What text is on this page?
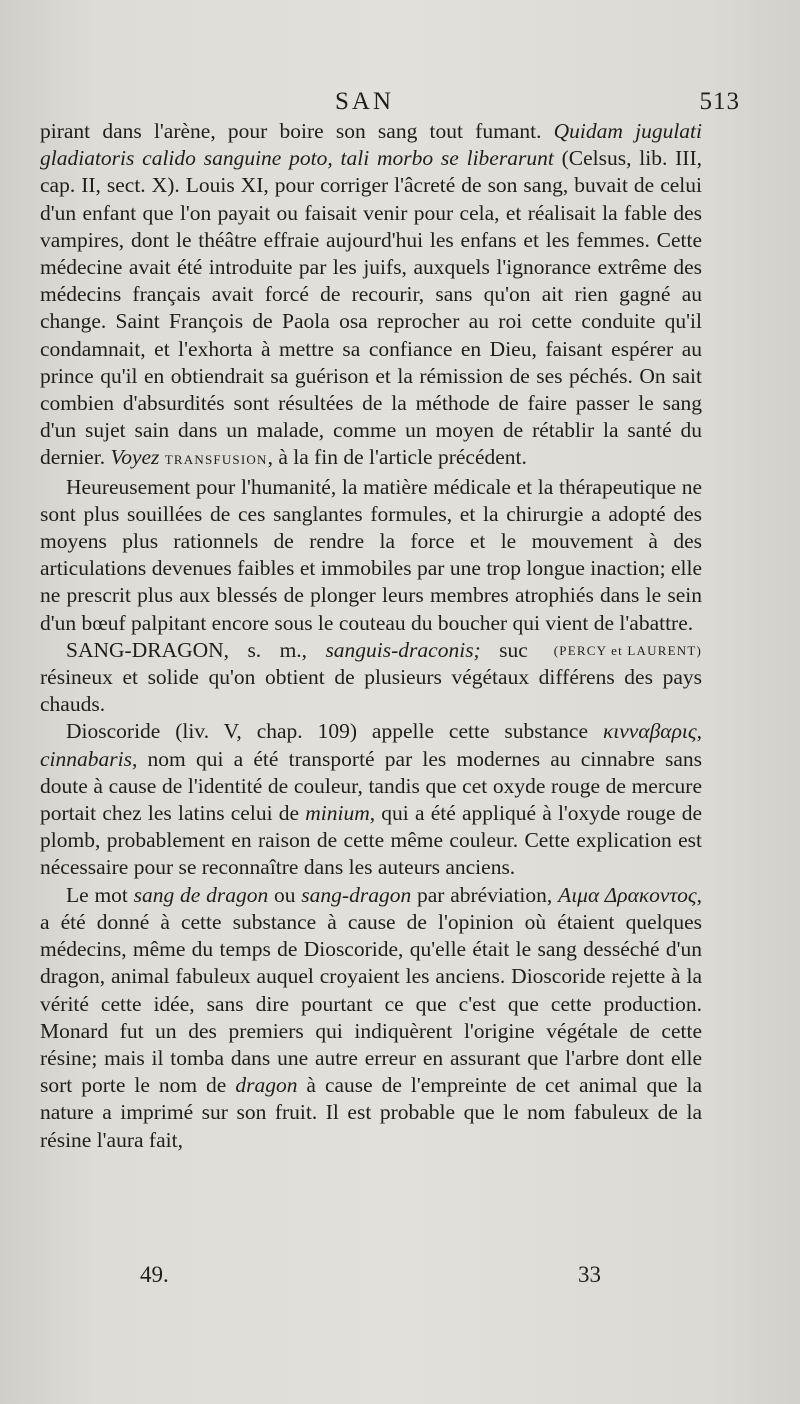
SAN	513

pirant dans l'arène, pour boire son sang tout fumant. Quidam jugulati gladiatoris calido sanguine poto, tali morbo se liberarunt (Celsus, lib. III, cap. II, sect. X). Louis XI, pour corriger l'âcreté de son sang, buvait de celui d'un enfant que l'on payait ou faisait venir pour cela, et réalisait la fable des vampires, dont le théâtre effraie aujourd'hui les enfans et les femmes. Cette médecine avait été introduite par les juifs, auxquels l'ignorance extrême des médecins français avait forcé de recourir, sans qu'on ait rien gagné au change. Saint François de Paola osa reprocher au roi cette conduite qu'il condamnait, et l'exhorta à mettre sa confiance en Dieu, faisant espérer au prince qu'il en obtiendrait sa guérison et la rémission de ses péchés. On sait combien d'absurdités sont résultées de la méthode de faire passer le sang d'un sujet sain dans un malade, comme un moyen de rétablir la santé du dernier. Voyez TRANSFUSION, à la fin de l'article précédent.

Heureusement pour l'humanité, la matière médicale et la thérapeutique ne sont plus souillées de ces sanglantes formules, et la chirurgie a adopté des moyens plus rationnels de rendre la force et le mouvement à des articulations devenues faibles et immobiles par une trop longue inaction; elle ne prescrit plus aux blessés de plonger leurs membres atrophiés dans le sein d'un bœuf palpitant encore sous le couteau du boucher qui vient de l'abattre.
(PERCY et LAURENT)

SANG-DRAGON, s. m., sanguis-draconis; suc résineux et solide qu'on obtient de plusieurs végétaux différens des pays chauds.

Dioscoride (liv. V, chap. 109) appelle cette substance κινναβαρις, cinnabaris, nom qui a été transporté par les modernes au cinnabre sans doute à cause de l'identité de couleur, tandis que cet oxyde rouge de mercure portait chez les latins celui de minium, qui a été appliqué à l'oxyde rouge de plomb, probablement en raison de cette même couleur. Cette explication est nécessaire pour se reconnaître dans les auteurs anciens.

Le mot sang de dragon ou sang-dragon par abréviation, Αιμα Δρακοντος, a été donné à cette substance à cause de l'opinion où étaient quelques médecins, même du temps de Dioscoride, qu'elle était le sang desséché d'un dragon, animal fabuleux auquel croyaient les anciens. Dioscoride rejette à la vérité cette idée, sans dire pourtant ce que c'est que cette production. Monard fut un des premiers qui indiquèrent l'origine végétale de cette résine; mais il tomba dans une autre erreur en assurant que l'arbre dont elle sort porte le nom de dragon à cause de l'empreinte de cet animal que la nature a imprimé sur son fruit. Il est probable que le nom fabuleux de la résine l'aura fait,

49.	33
